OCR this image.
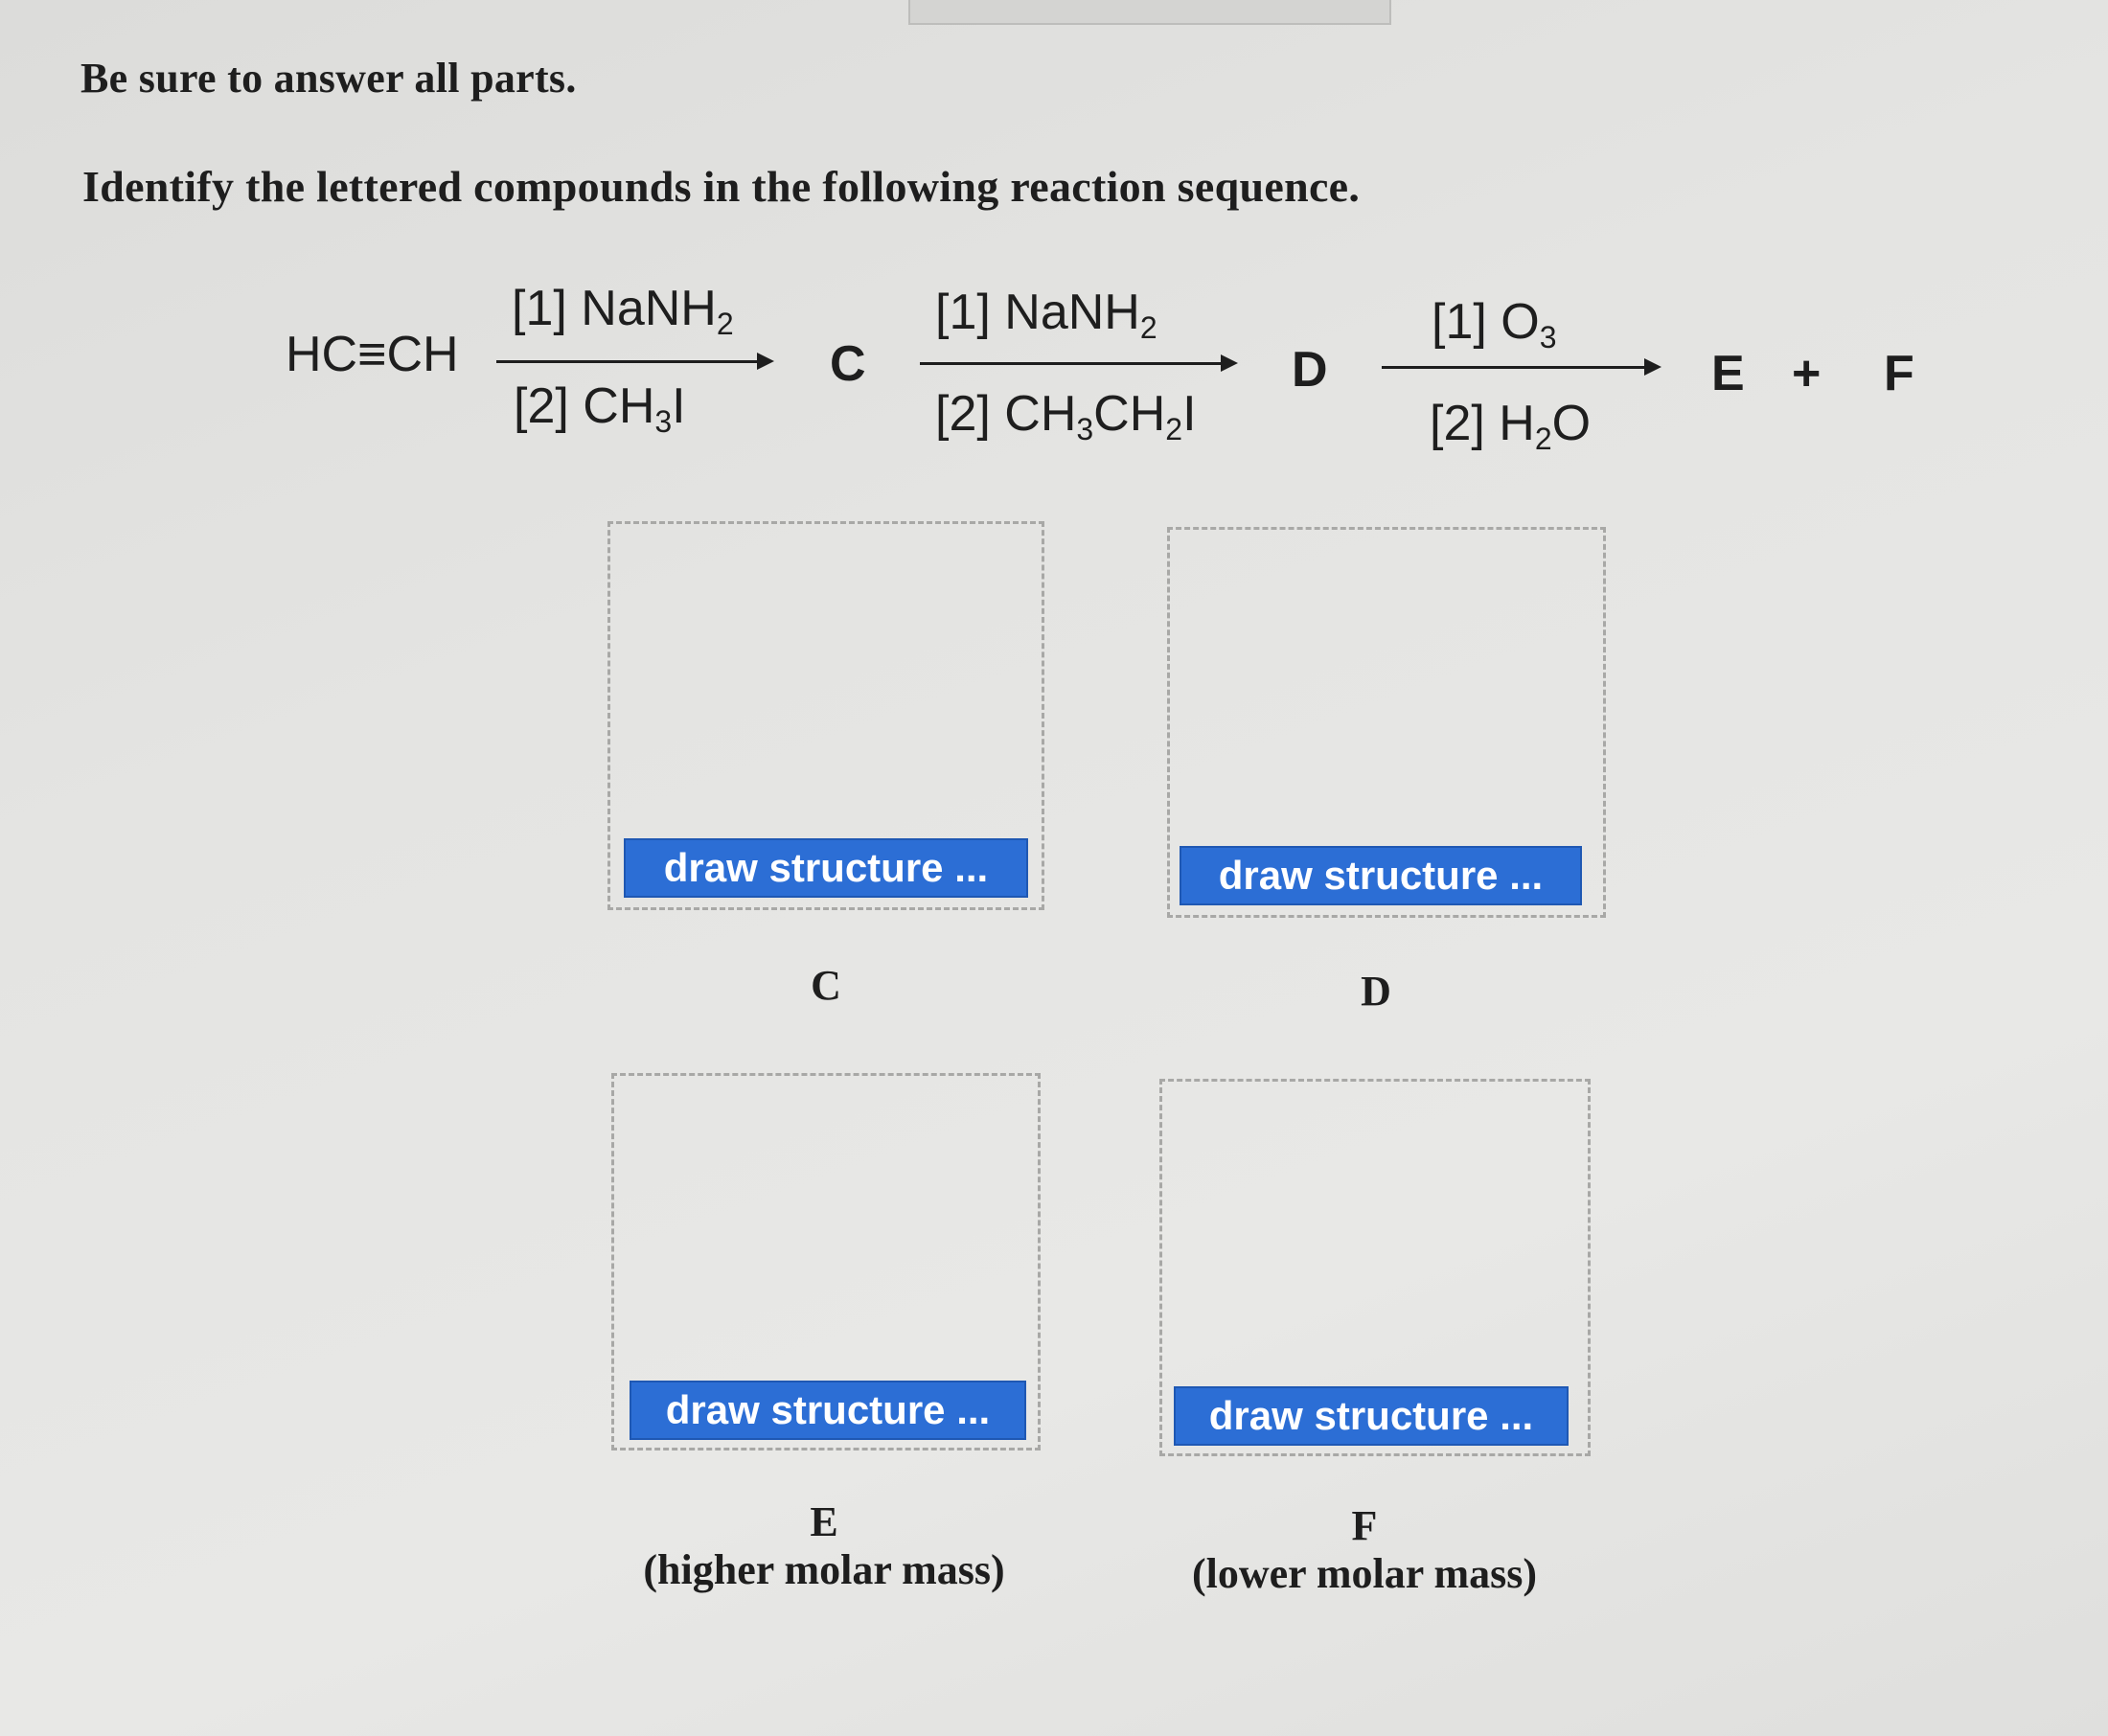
Be sure to answer all parts.
Identify the lettered compounds in the following reaction sequence.
HC≡CH
[1] NaNH$_2$
[2] $CH_3I$
C
[1] NaNH$_2$
[2] $CH_3CH_2I$
D
[1] $O_3$
[2] $H_2O$
E + F
draw structure ...
C
draw structure ...
D
draw structure ...
E
(higher molar mass)
draw structure ...
F
(lower molar mass)
